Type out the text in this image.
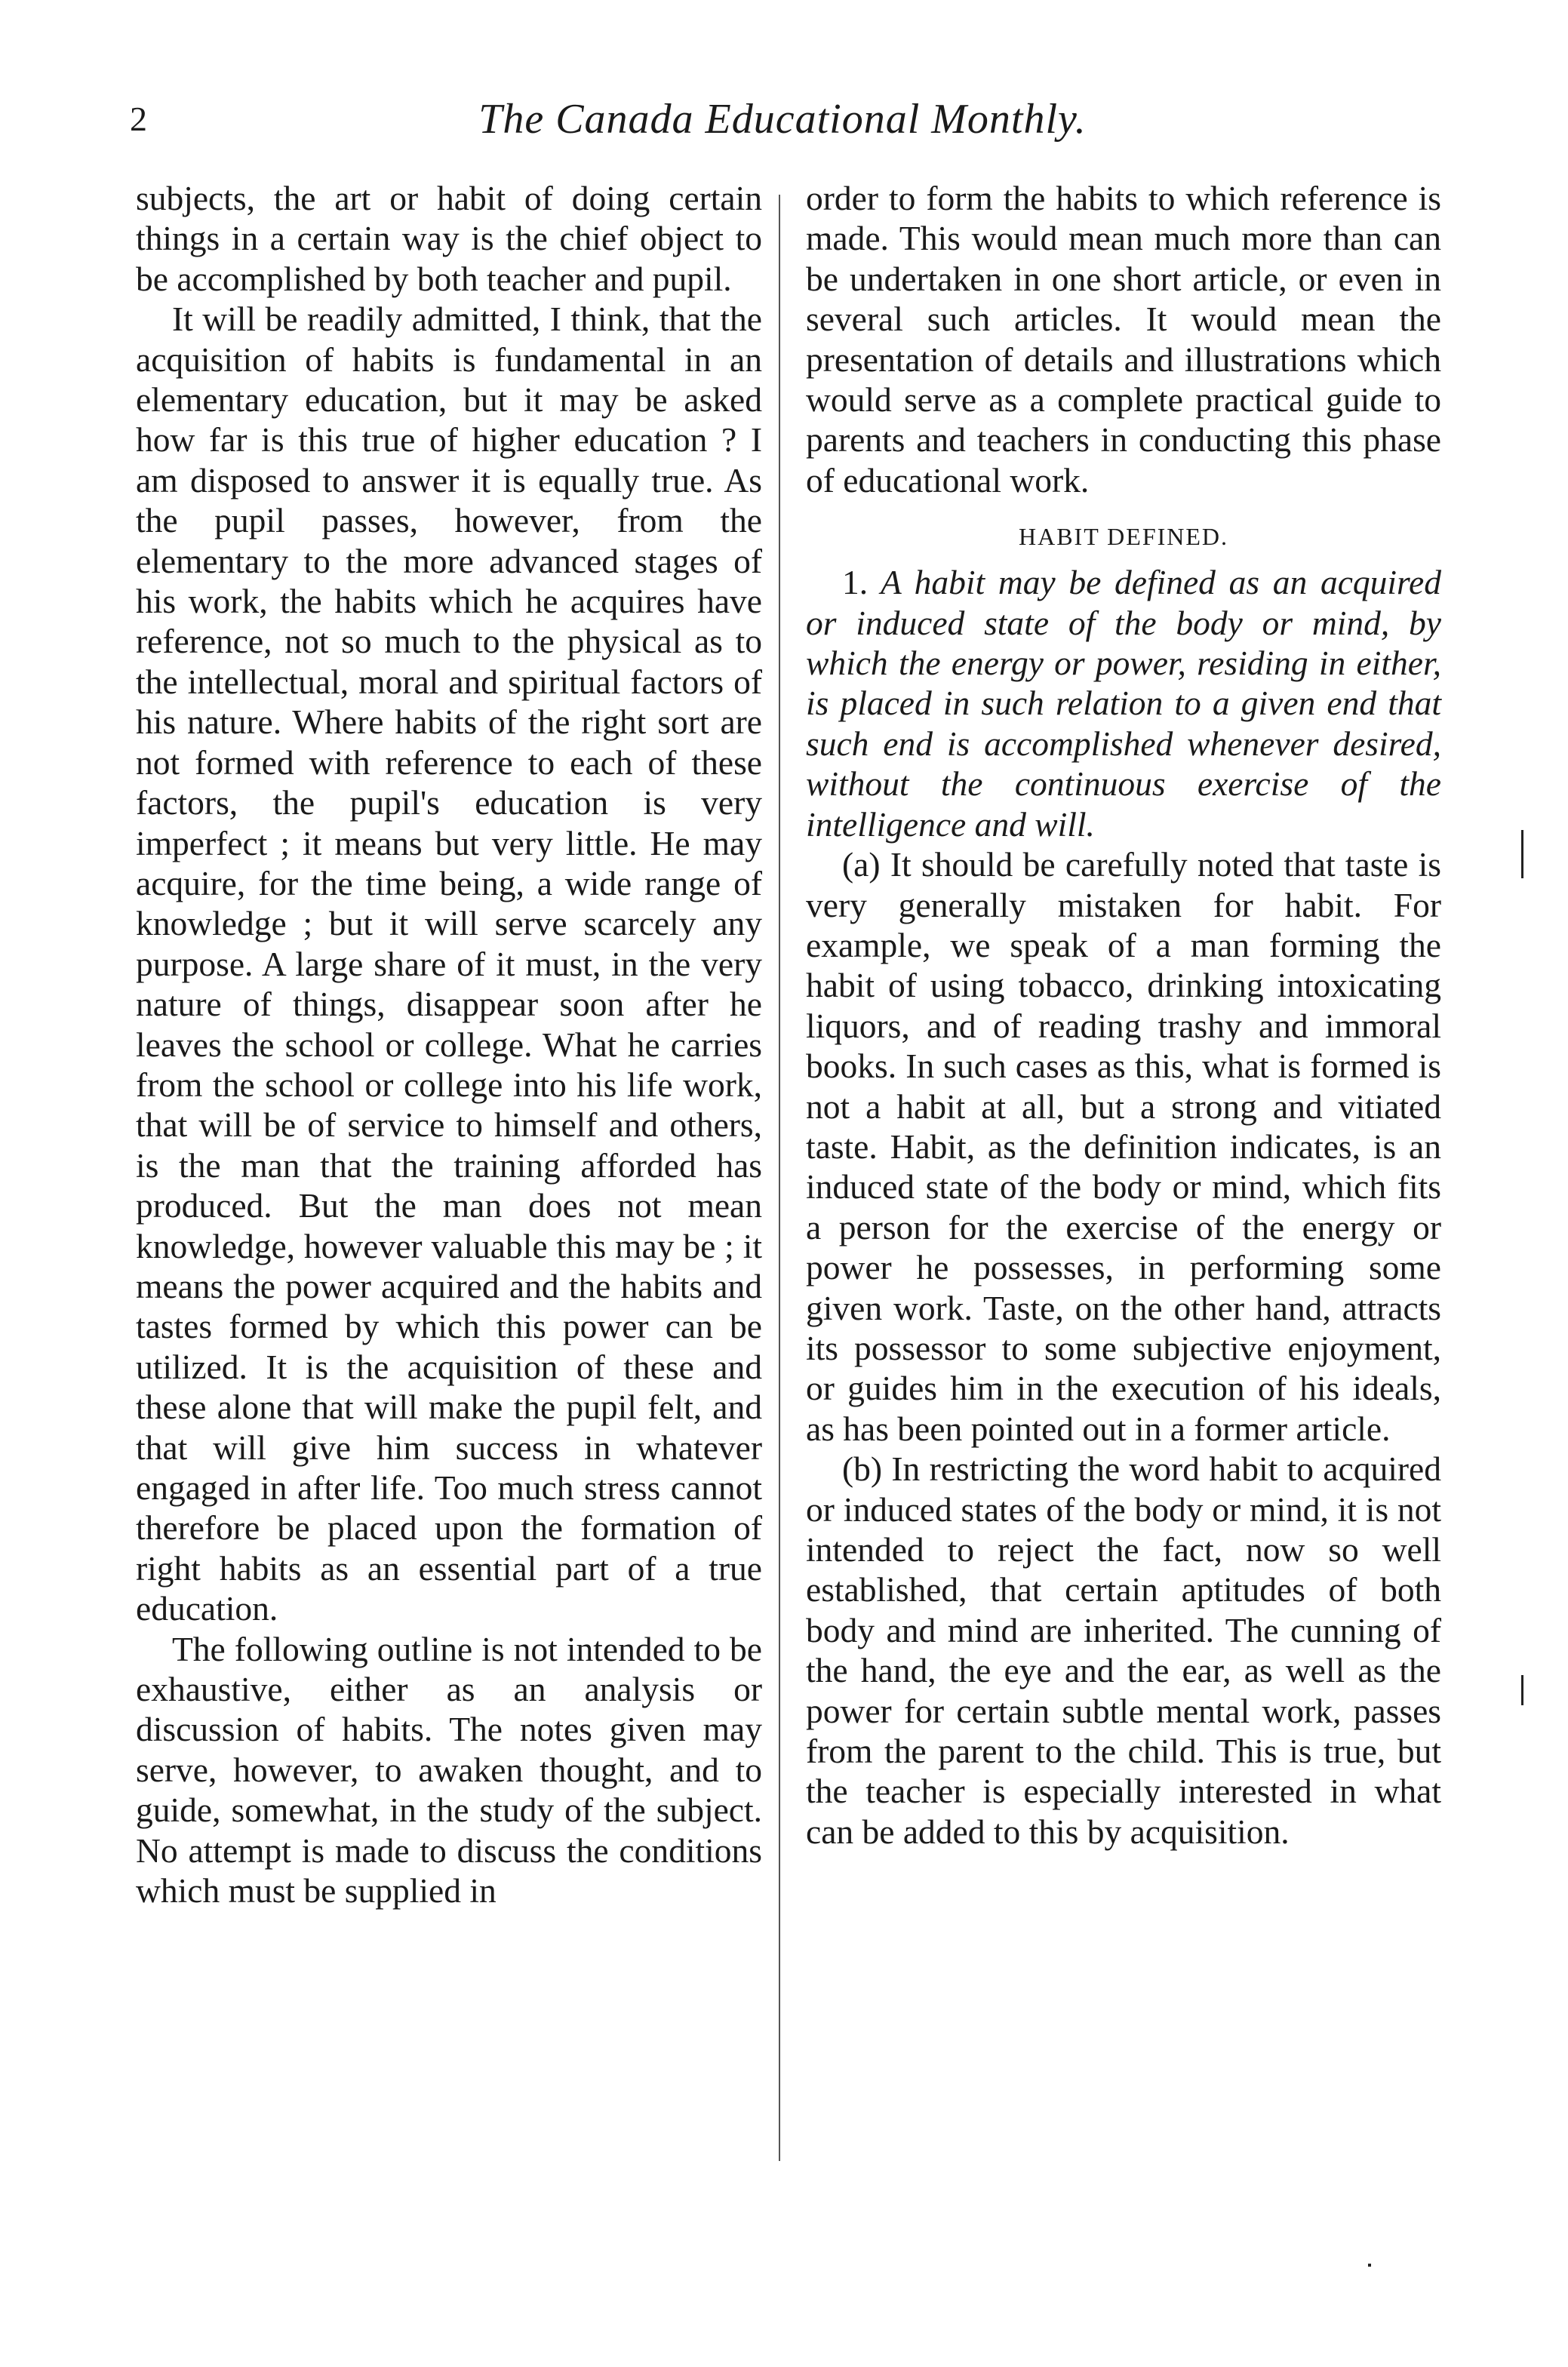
2	The Canada Educational Monthly.

subjects, the art or habit of doing certain things in a certain way is the chief object to be accomplished by both teacher and pupil.

It will be readily admitted, I think, that the acquisition of habits is fundamental in an elementary education, but it may be asked how far is this true of higher education ? I am disposed to answer it is equally true. As the pupil passes, however, from the elementary to the more advanced stages of his work, the habits which he acquires have reference, not so much to the physical as to the intellectual, moral and spiritual factors of his nature. Where habits of the right sort are not formed with reference to each of these factors, the pupil's education is very imperfect ; it means but very little. He may acquire, for the time being, a wide range of knowledge ; but it will serve scarcely any purpose. A large share of it must, in the very nature of things, disappear soon after he leaves the school or college. What he carries from the school or college into his life work, that will be of service to himself and others, is the man that the training afforded has produced. But the man does not mean knowledge, however valuable this may be ; it means the power acquired and the habits and tastes formed by which this power can be utilized. It is the acquisition of these and these alone that will make the pupil felt, and that will give him success in whatever engaged in after life. Too much stress cannot therefore be placed upon the formation of right habits as an essential part of a true education.

The following outline is not intended to be exhaustive, either as an analysis or discussion of habits. The notes given may serve, however, to awaken thought, and to guide, somewhat, in the study of the subject. No attempt is made to discuss the conditions which must be supplied in

order to form the habits to which reference is made. This would mean much more than can be undertaken in one short article, or even in several such articles. It would mean the presentation of details and illustrations which would serve as a complete practical guide to parents and teachers in conducting this phase of educational work.

HABIT DEFINED.

1. A habit may be defined as an acquired or induced state of the body or mind, by which the energy or power, residing in either, is placed in such relation to a given end that such end is accomplished whenever desired, without the continuous exercise of the intelligence and will.

(a) It should be carefully noted that taste is very generally mistaken for habit. For example, we speak of a man forming the habit of using tobacco, drinking intoxicating liquors, and of reading trashy and immoral books. In such cases as this, what is formed is not a habit at all, but a strong and vitiated taste. Habit, as the definition indicates, is an induced state of the body or mind, which fits a person for the exercise of the energy or power he possesses, in performing some given work. Taste, on the other hand, attracts its possessor to some subjective enjoyment, or guides him in the execution of his ideals, as has been pointed out in a former article.

(b) In restricting the word habit to acquired or induced states of the body or mind, it is not intended to reject the fact, now so well established, that certain aptitudes of both body and mind are inherited. The cunning of the hand, the eye and the ear, as well as the power for certain subtle mental work, passes from the parent to the child. This is true, but the teacher is especially interested in what can be added to this by acquisition.
